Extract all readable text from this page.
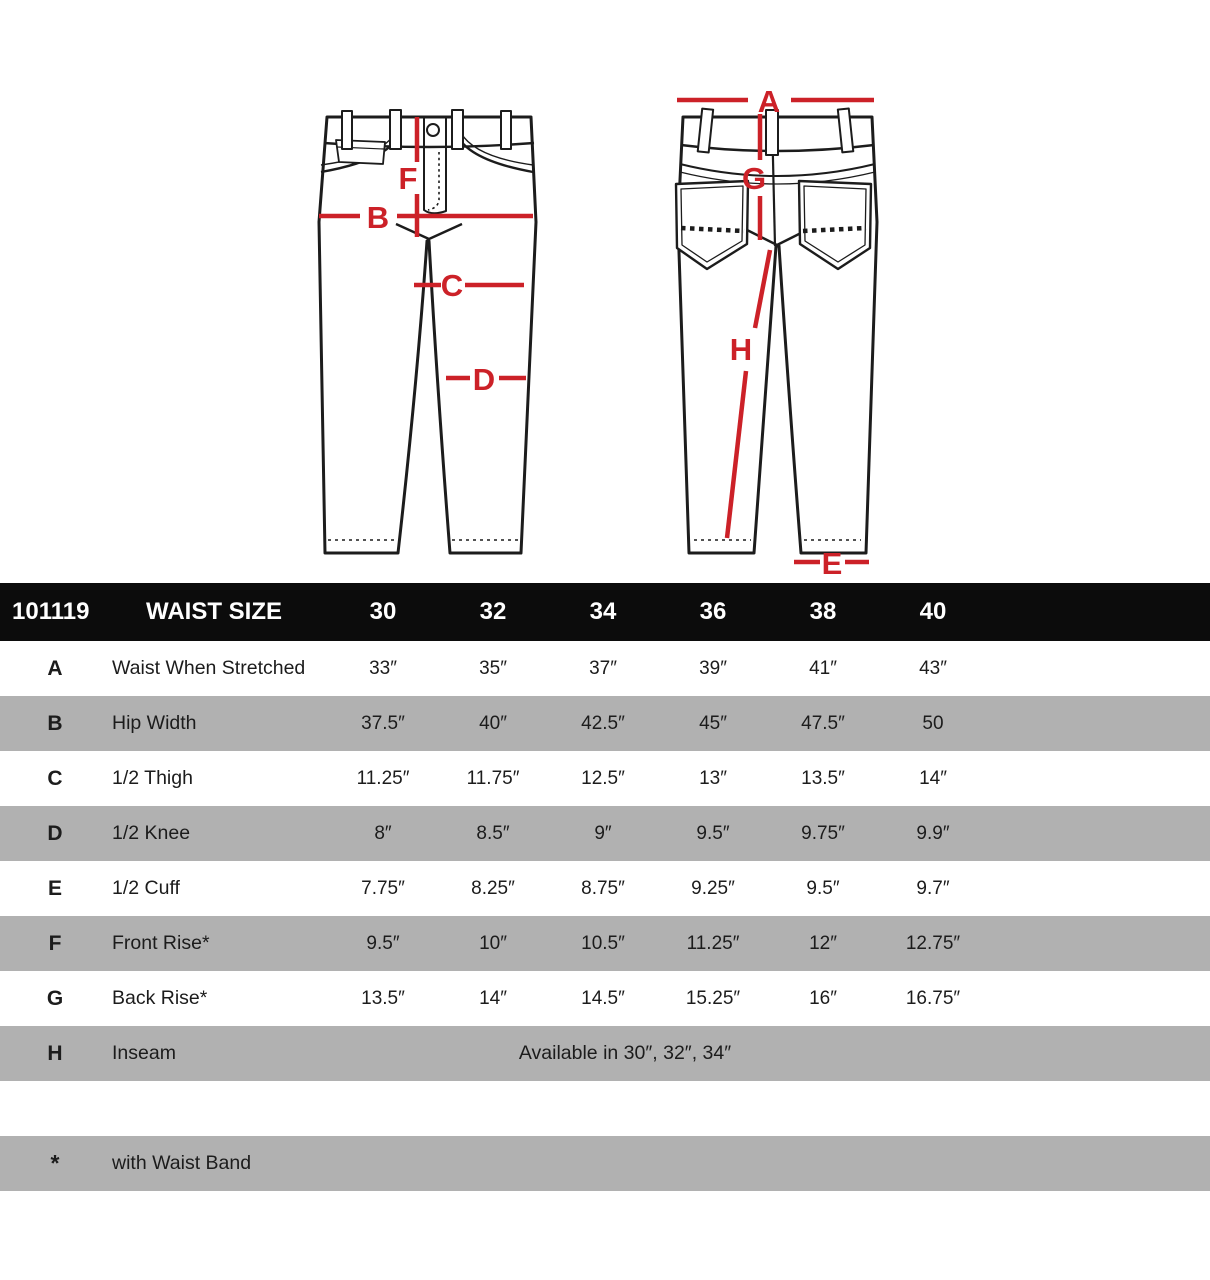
F
B
C
D
A
G
H
E
101119	WAIST SIZE	30	32	34	36	38	40
A	Waist When Stretched	33″	35″	37″	39″	41″	43″
B	Hip Width	37.5″	40″	42.5″	45″	47.5″	50
C	1/2 Thigh	11.25″	11.75″	12.5″	13″	13.5″	14″
D	1/2 Knee	8″	8.5″	9″	9.5″	9.75″	9.9″
E	1/2 Cuff	7.75″	8.25″	8.75″	9.25″	9.5″	9.7″
F	Front Rise*	9.5″	10″	10.5″	11.25″	12″	12.75″
G	Back Rise*	13.5″	14″	14.5″	15.25″	16″	16.75″
H	Inseam	Available in 30″, 32″, 34″
*	with Waist Band
